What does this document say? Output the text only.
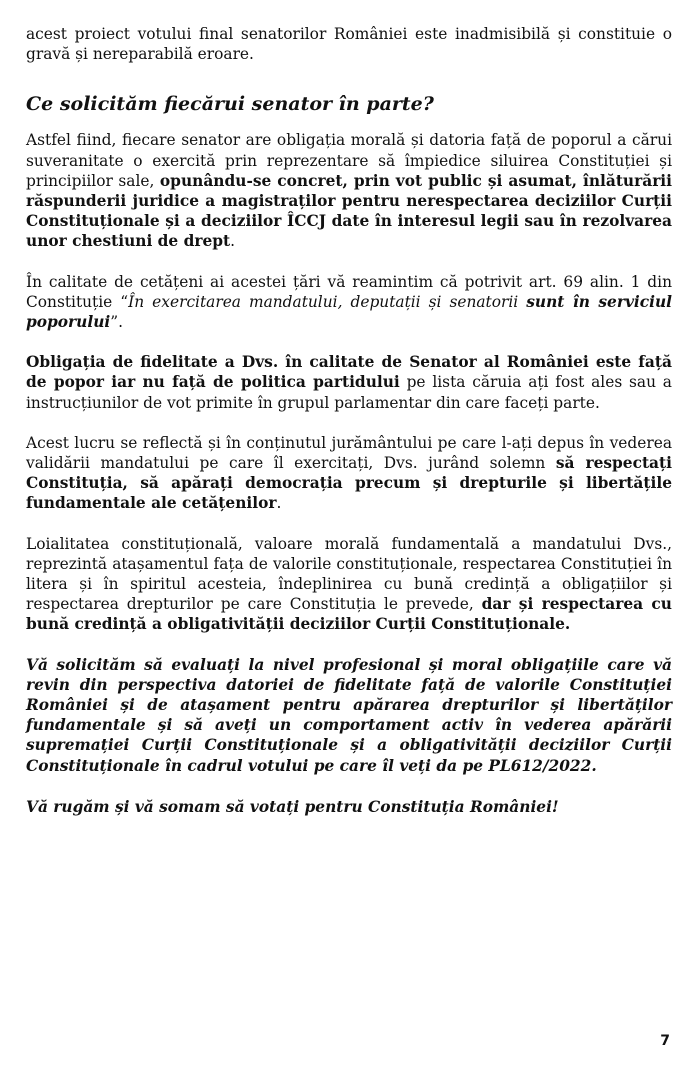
acest proiect votului final senatorilor României este inadmisibilă și constituie o gravă și nereparabilă eroare.

Ce solicităm fiecărui senator în parte?

Astfel fiind, fiecare senator are obligația morală și datoria față de poporul a cărui suveranitate o exercită prin reprezentare să împiedice siluirea Constituției și principiilor sale, opunându-se concret, prin vot public și asumat, înlăturării răspunderii juridice a magistraților pentru nerespectarea deciziilor Curții Constituționale și a deciziilor ÎCCJ date în interesul legii sau în rezolvarea unor chestiuni de drept.

În calitate de cetățeni ai acestei țări vă reamintim că potrivit art. 69 alin. 1 din Constituție “În exercitarea mandatului, deputații și senatorii sunt în serviciul poporului”.

Obligația de fidelitate a Dvs. în calitate de Senator al României este față de popor iar nu față de politica partidului pe lista căruia ați fost ales sau a instrucțiunilor de vot primite în grupul parlamentar din care faceți parte.

Acest lucru se reflectă și în conținutul jurământului pe care l-ați depus în vederea validării mandatului pe care îl exercitați, Dvs. jurând solemn să respectați Constituția, să apărați democrația precum și drepturile și libertățile fundamentale ale cetățenilor.

Loialitatea constituțională, valoare morală fundamentală a mandatului Dvs., reprezintă atașamentul fața de valorile constituționale, respectarea Constituției în litera și în spiritul acesteia, îndeplinirea cu bună credință a obligațiilor și respectarea drepturilor pe care Constituția le prevede, dar și respectarea cu bună credință a obligativității deciziilor Curții Constituționale.

Vă solicităm să evaluați la nivel profesional și moral obligațiile care vă revin din perspectiva datoriei de fidelitate față de valorile Constituției României și de atașament pentru apărarea drepturilor și libertăților fundamentale și să aveți un comportament activ în vederea apărării supremației Curții Constituționale și a obligativității deciziilor Curții Constituționale în cadrul votului pe care îl veți da pe PL612/2022.

Vă rugăm și vă somam să votați pentru Constituția României!

7
